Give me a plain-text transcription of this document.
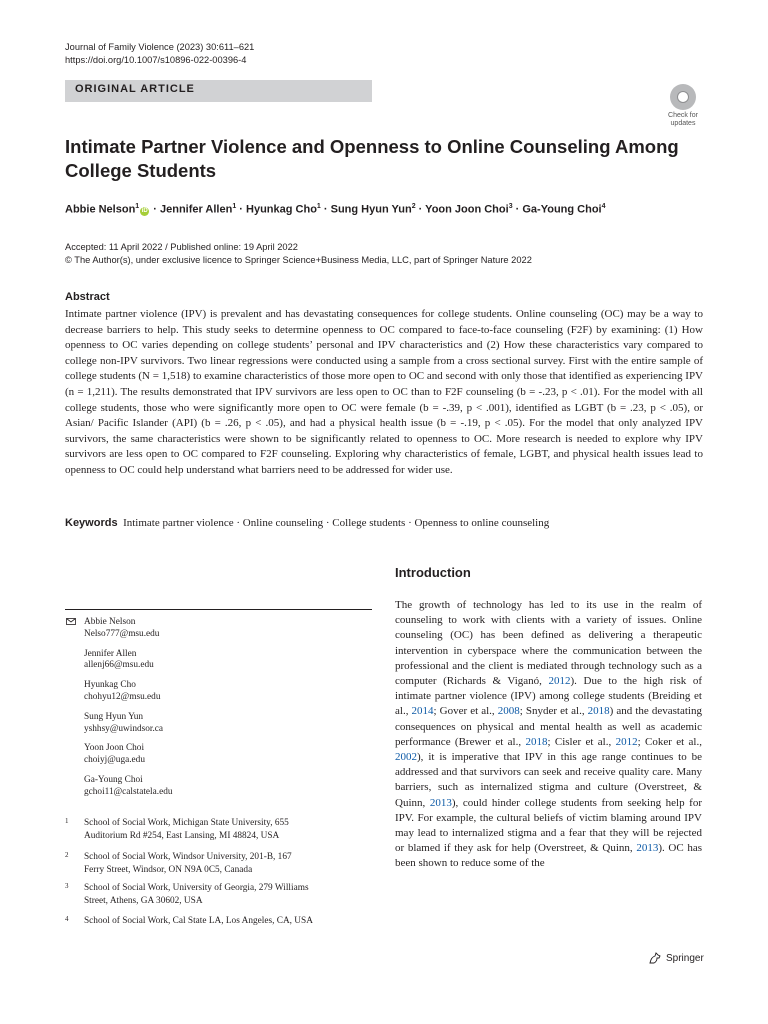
Journal of Family Violence (2023) 30:611–621
https://doi.org/10.1007/s10896-022-00396-4
ORIGINAL ARTICLE
Check for
updates
Intimate Partner Violence and Openness to Online Counseling Among College Students
Abbie Nelson$^1$iD · Jennifer Allen$^1$ · Hyunkag Cho$^1$ · Sung Hyun Yun$^2$ · Yoon Joon Choi$^3$ · Ga-Young Choi$^4$
Accepted: 11 April 2022 / Published online: 19 April 2022
© The Author(s), under exclusive licence to Springer Science+Business Media, LLC, part of Springer Nature 2022
Abstract
Intimate partner violence (IPV) is prevalent and has devastating consequences for college students. Online counseling (OC) may be a way to decrease barriers to help. This study seeks to determine openness to OC compared to face-to-face counseling (F2F) by examining: (1) How openness to OC varies depending on college students’ personal and IPV characteristics and (2) How these characteristics vary compared to college non-IPV survivors. Two linear regressions were conducted using a sample from a cross sectional survey. First with the entire sample of college students (N = 1,518) to examine characteristics of those more open to OC and second with only those that identified as experiencing IPV (n = 1,211). The results demonstrated that IPV survivors are less open to OC than to F2F counseling (b = -.23, p < .01). For the model with all college students, those who were significantly more open to OC were female (b = -.39, p < .001), identified as LGBT (b = .23, p < .05), or Asian/ Pacific Islander (API) (b = .26, p < .05), and had a physical health issue (b = -.19, p < .05). For the model that only analyzed IPV survivors, the same characteristics were shown to be significantly related to openness to OC. More research is needed to explore why IPV survivors are less open to OC compared to F2F counseling. Exploring why characteristics of female, LGBT, and physical health issues lead to openness to OC could help understand what barriers need to be addressed for wider use.
Keywords Intimate partner violence · Online counseling · College students · Openness to online counseling
Introduction
The growth of technology has led to its use in the realm of counseling to work with clients with a variety of issues. Online counseling (OC) has been defined as delivering a therapeutic intervention in cyberspace where the communication between the professional and the client is mediated through technology such as a computer (Richards & Viganó, 2012). Due to the high risk of intimate partner violence (IPV) among college students (Breiding et al., 2014; Gover et al., 2008; Snyder et al., 2018) and the devastating consequences on physical and mental health as well as academic performance (Brewer et al., 2018; Cisler et al., 2012; Coker et al., 2002), it is imperative that IPV in this age range continues to be addressed and that survivors can seek and receive quality care. Many barriers, such as internalized stigma and culture (Overstreet, & Quinn, 2013), could hinder college students from seeking help for IPV. For example, the cultural beliefs of victim blaming around IPV may lead to internalized stigma and a fear that they will be rejected or blamed if they ask for help (Overstreet, & Quinn, 2013). OC has been shown to reduce some of the
Abbie Nelson
Nelso777@msu.edu
Jennifer Allen
allenj66@msu.edu
Hyunkag Cho
chohyu12@msu.edu
Sung Hyun Yun
yshhsy@uwindsor.ca
Yoon Joon Choi
choiyj@uga.edu
Ga-Young Choi
gchoi11@calstatela.edu
1 School of Social Work, Michigan State University, 655
Auditorium Rd #254, East Lansing, MI 48824, USA
2 School of Social Work, Windsor University, 201-B, 167
Ferry Street, Windsor, ON N9A 0C5, Canada
3 School of Social Work, University of Georgia, 279 Williams
Street, Athens, GA 30602, USA
4 School of Social Work, Cal State LA, Los Angeles, CA, USA
Springer
